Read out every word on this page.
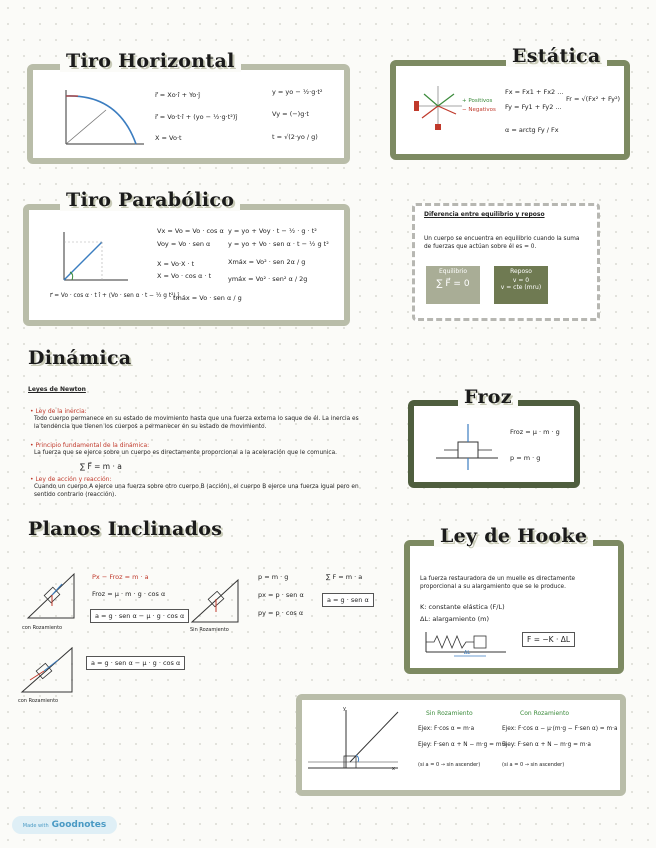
Tiro Horizontal
r⃗ = Xo·î + Yo·ĵ
r⃗ = Vo·t·î + (yo − ½·g·t²)ĵ
X = Vo·t
y = yo − ½·g·t²
Vy = (−)g·t
t = √(2·yo / g)
Estática
+ Positivos
− Negativos
Fx = Fx1 + Fx2 ...
Fy = Fy1 + Fy2 ...
α = arctg Fy / Fx
Fr = √(Fx² + Fy²)
Tiro Parabólico
Vx = Vo = Vo · cos α
Voy = Vo · sen α
X = Vo·X · t
X = Vo · cos α · t
y = yo + Voy · t − ½ · g · t²
y = yo + Vo · sen α · t − ½ g t²
Xmáx = Vo² · sen 2α / g
ymáx = Vo² · sen² α / 2g
r⃗ = Vo · cos α · t î + (Vo · sen α · t − ½ g t²) ĵ
tmáx = Vo · sen α / g
Diferencia entre equilibrio y reposo
Un cuerpo se encuentra en equilibrio cuando la suma de fuerzas que actúan sobre él es = 0.
Equilibrio
∑ F⃗ = 0
Reposo
v = 0
v = cte (mru)
Dinámica
Leyes de Newton
• Ley de la inercia:
Todo cuerpo permanece en su estado de movimiento hasta que una fuerza externa lo saque de él. La inercia es la tendencia que tienen los cuerpos a permanecer en su estado de movimiento.
• Principio fundamental de la dinámica:
La fuerza que se ejerce sobre un cuerpo es directamente proporcional a la aceleración que le comunica.
∑ F⃗ = m · a
• Ley de acción y reacción:
Cuando un cuerpo A ejerce una fuerza sobre otro cuerpo B (acción), el cuerpo B ejerce una fuerza igual pero en sentido contrario (reacción).
Froz
Froz = μ · m · g
p = m · g
Planos Inclinados
con Rozamiento
Px − Froz = m · a
Froz = μ · m · g · cos α
a = g · sen α − μ · g · cos α
Sin Rozamiento
p = m · g
px = p · sen α
py = p · cos α
∑ F = m · a
a = g · sen α
con Rozamiento
a = g · sen α − μ · g · cos α
Ley de Hooke
La fuerza restauradora de un muelle es directamente proporcional a su alargamiento que se le produce.
K: constante elástica (F/L)
ΔL: alargamiento (m)
ΔL
F = −K · ΔL
y
x
Sin Rozamiento
Ejex: F·cos α = m·a
Ejey: F·sen α + N − m·g = m·a
(si a = 0 → sin ascender)
Con Rozamiento
Ejex: F·cos α − μ·(m·g − F·sen α) = m·a
Ejey: F·sen α + N − m·g = m·a
(si a = 0 → sin ascender)
Made with Goodnotes
